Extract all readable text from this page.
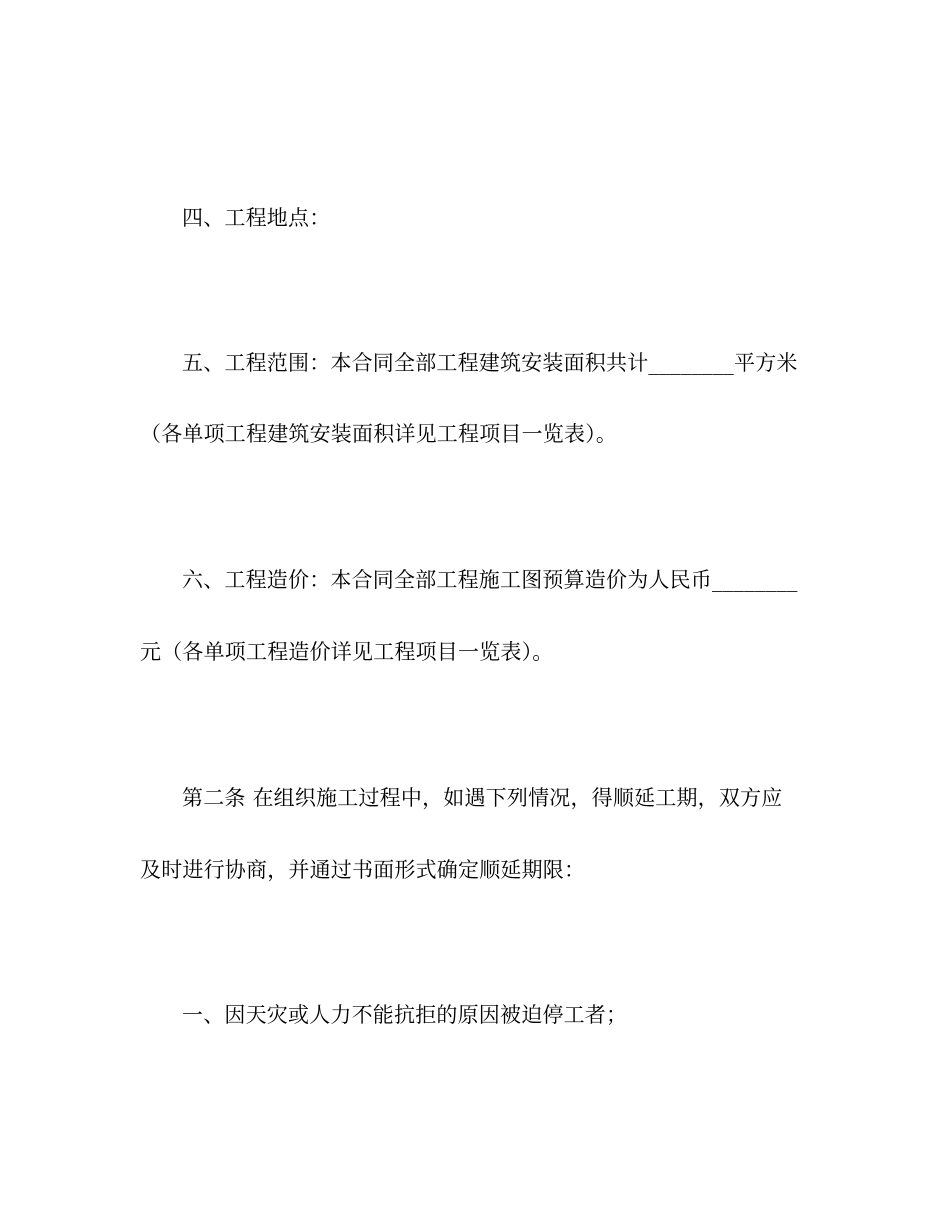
四、工程地点：
五、工程范围：本合同全部工程建筑安装面积共计________平方米
（各单项工程建筑安装面积详见工程项目一览表）。
六、工程造价：本合同全部工程施工图预算造价为人民币________
元（各单项工程造价详见工程项目一览表）。
第二条 在组织施工过程中，如遇下列情况，得顺延工期，双方应
及时进行协商，并通过书面形式确定顺延期限：
一、因天灾或人力不能抗拒的原因被迫停工者；
